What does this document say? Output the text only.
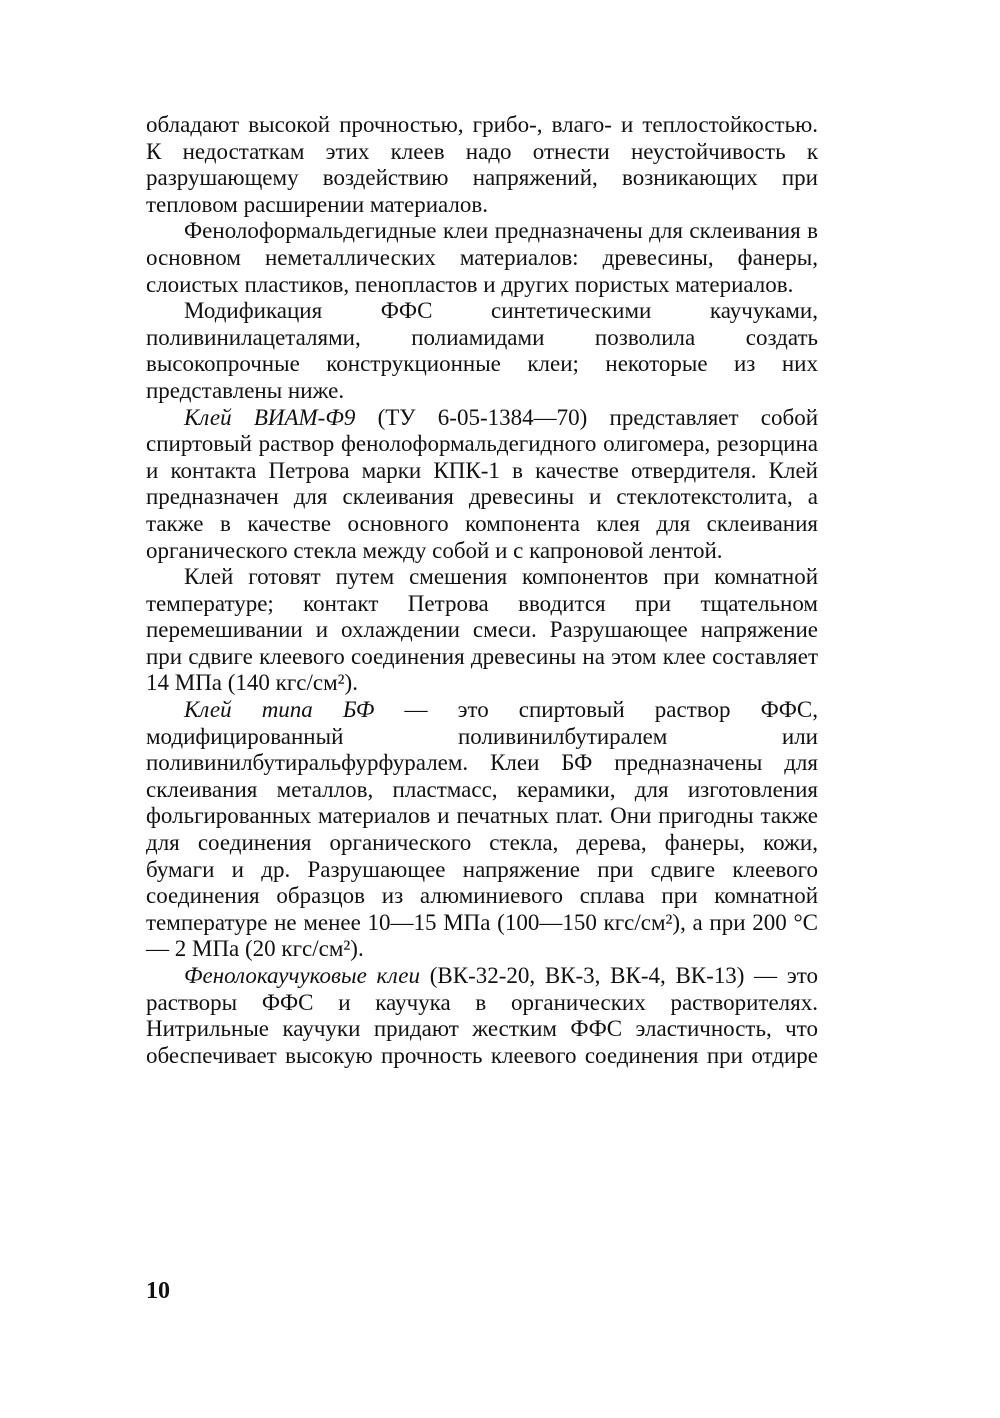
обладают высокой прочностью, грибо-, влаго- и теплостойкостью. К недостаткам этих клеев надо отнести неустойчивость к разрушающему воздействию напряжений, возникающих при тепловом расширении материалов.

Фенолоформальдегидные клеи предназначены для склеивания в основном неметаллических материалов: древесины, фанеры, слоистых пластиков, пенопластов и других пористых материалов.

Модификация ФФС синтетическими каучуками, поливинилацеталями, полиамидами позволила создать высокопрочные конструкционные клеи; некоторые из них представлены ниже.

Клей ВИАМ-Ф9 (ТУ 6-05-1384—70) представляет собой спиртовый раствор фенолоформальдегидного олигомера, резорцина и контакта Петрова марки КПК-1 в качестве отвердителя. Клей предназначен для склеивания древесины и стеклотекстолита, а также в качестве основного компонента клея для склеивания органического стекла между собой и с капроновой лентой.

Клей готовят путем смешения компонентов при комнатной температуре; контакт Петрова вводится при тщательном перемешивании и охлаждении смеси. Разрушающее напряжение при сдвиге клеевого соединения древесины на этом клее составляет 14 МПа (140 кгс/см²).

Клей типа БФ — это спиртовый раствор ФФС, модифицированный поливинилбутиралем или поливинилбутиральфурфуралем. Клеи БФ предназначены для склеивания металлов, пластмасс, керамики, для изготовления фольгированных материалов и печатных плат. Они пригодны также для соединения органического стекла, дерева, фанеры, кожи, бумаги и др. Разрушающее напряжение при сдвиге клеевого соединения образцов из алюминиевого сплава при комнатной температуре не менее 10—15 МПа (100—150 кгс/см²), а при 200 °С — 2 МПа (20 кгс/см²).

Фенолокаучуковые клеи (ВК-32-20, ВК-3, ВК-4, ВК-13) — это растворы ФФС и каучука в органических растворителях. Нитрильные каучуки придают жестким ФФС эластичность, что обеспечивает высокую прочность клеевого соединения при отдире

10
